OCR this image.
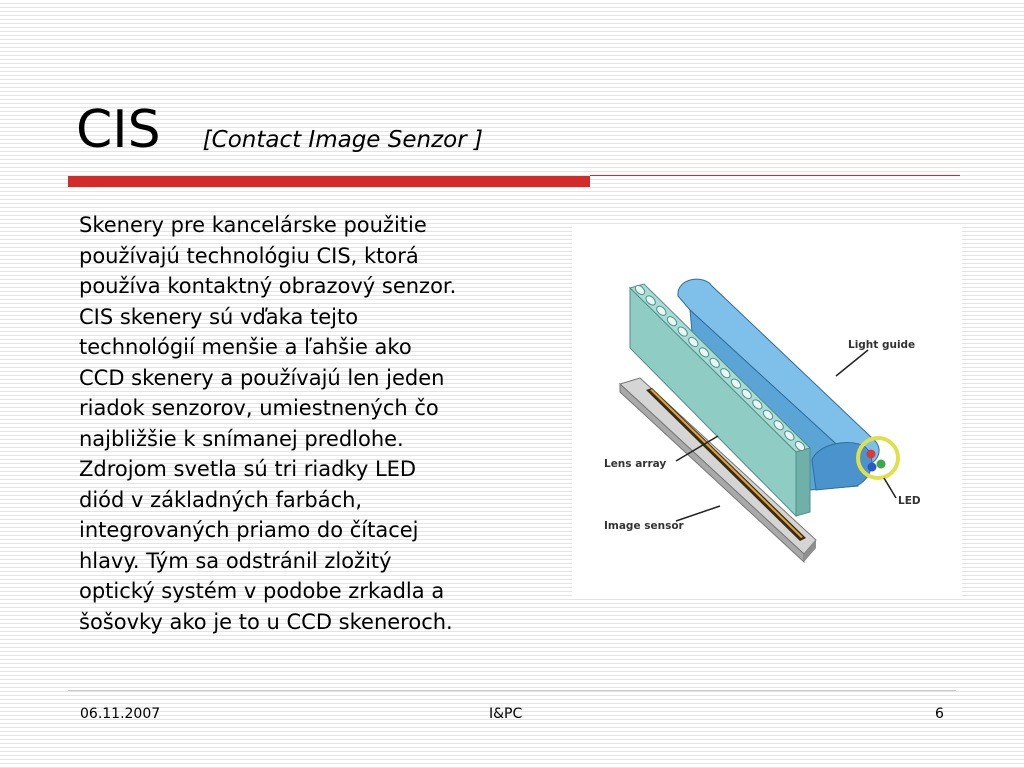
CIS [Contact Image Senzor ]
Skenery pre kancelárske použitie
používajú technológiu CIS, ktorá
používa kontaktný obrazový senzor.
CIS skenery sú vďaka tejto
technológií menšie a ľahšie ako
CCD skenery a používajú len jeden
riadok senzorov, umiestnených čo
najbližšie k snímanej predlohe.
Zdrojom svetla sú tri riadky LED
diód v základných farbách,
integrovaných priamo do čítacej
hlavy. Tým sa odstránil zložitý
optický systém v podobe zrkadla a
šošovky ako je to u CCD skeneroch.
Light guide
Lens array
Image sensor
LED
06.11.2007	I&PC	6
